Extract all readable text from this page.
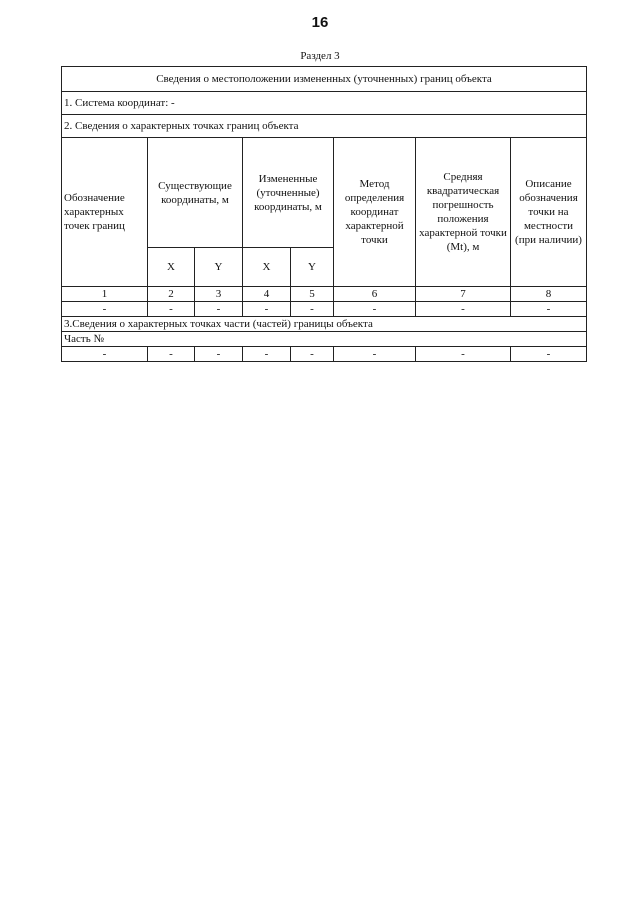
16
Раздел 3
Сведения о местоположении измененных (уточненных) границ объекта							
1. Система координат: -							
2. Сведения о характерных точках границ объекта							
Обозначение характерных точек границ	Существующие координаты, м		Измененные (уточненные) координаты, м		Метод определения координат характерной точки	Средняя квадратическая погрешность положения характерной точки (Mt), м	Описание обозначения точки на местности (при наличии)
	X	Y	X	Y			
1	2	3	4	5	6	7	8
-	-	-	-	-	-	-	-
3.Сведения о характерных точках части (частей) границы объекта							
Часть №							
-	-	-	-	-	-	-	-
